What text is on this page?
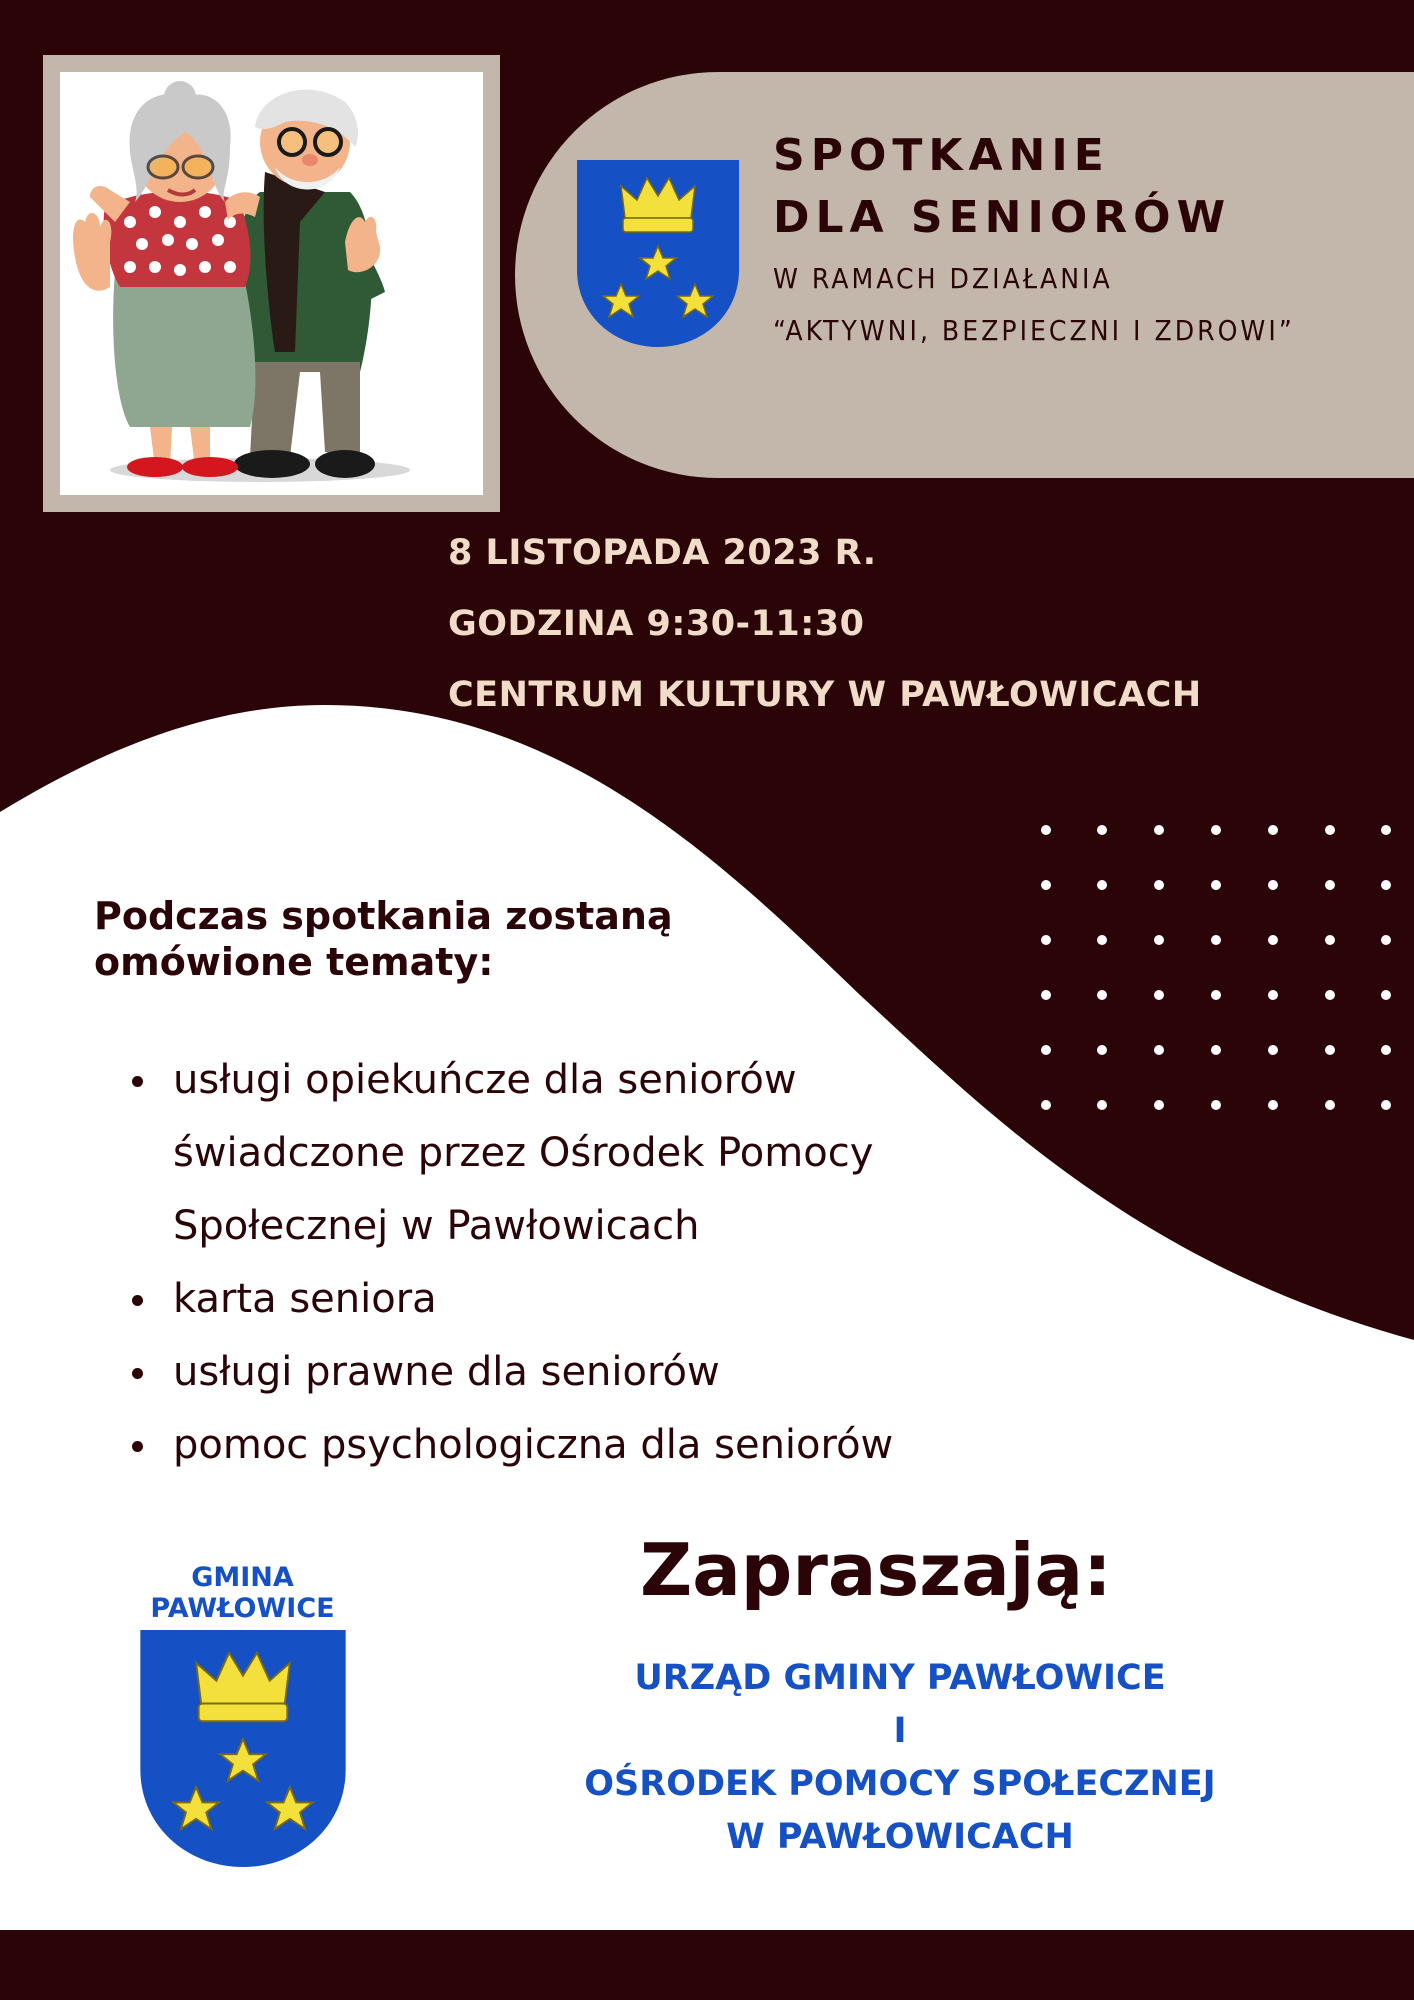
SPOTKANIE

DLA SENIORÓW

W RAMACH DZIAŁANIA

“AKTYWNI, BEZPIECZNI I ZDROWI”

8 LISTOPADA 2023 R.

GODZINA 9:30-11:30

CENTRUM KULTURY W PAWŁOWICACH

Podczas spotkania zostaną
omówione tematy:
usługi opiekuńcze dla seniorów
świadczone przez Ośrodek Pomocy
Społecznej w Pawłowicach
karta seniora
usługi prawne dla seniorów
pomoc psychologiczna dla seniorów

GMINA
PAWŁOWICE	Zapraszają:

URZĄD GMINY PAWŁOWICE

I

OŚRODEK POMOCY SPOŁECZNEJ

W PAWŁOWICACH
